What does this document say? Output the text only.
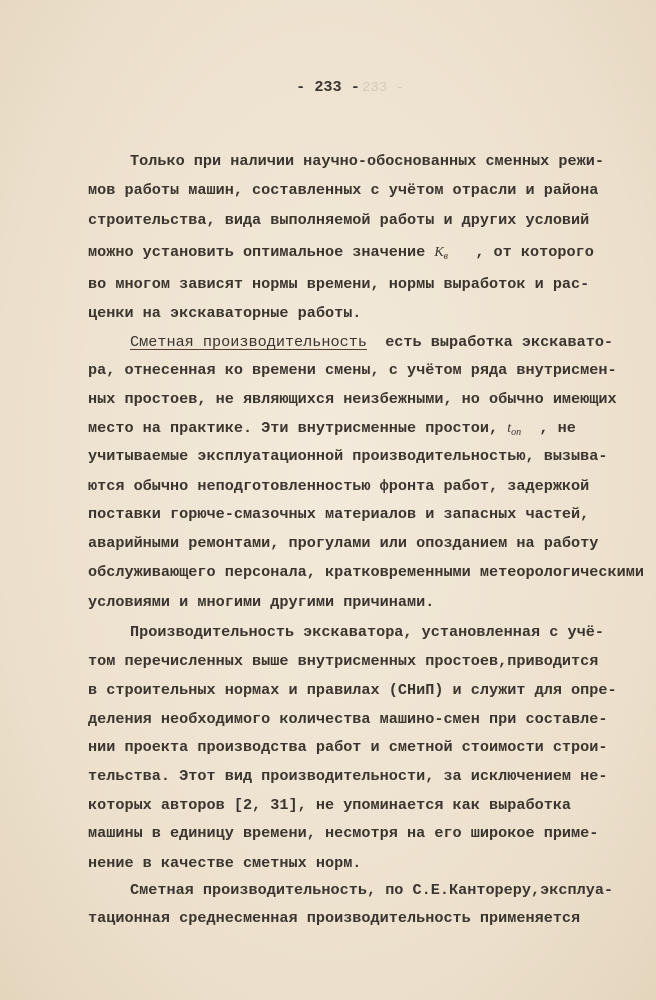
233 -
- 233 -
Только при наличии научно-обоснованных сменных режи-
мов работы машин, составленных с учётом отрасли и района
строительства, вида выполняемой работы и других условий
можно установить оптимальное значение Кв   , от которого
во многом зависят нормы времени, нормы выработок и рас-
ценки на экскаваторные работы.
Сметная производительность  есть выработка экскавато-
ра, отнесенная ко времени смены, с учётом ряда внутрисмен-
ных простоев, не являющихся неизбежными, но обычно имеющих
место на практике. Эти внутрисменные простои, tоп  , не
учитываемые эксплуатационной производительностью, вызыва-
ются обычно неподготовленностью фронта работ, задержкой
поставки горюче-смазочных материалов и запасных частей,
аварийными ремонтами, прогулами или опозданием на работу
обслуживающего персонала, кратковременными метеорологическими
условиями и многими другими причинами.
Производительность экскаватора, установленная с учё-
том перечисленных выше внутрисменных простоев,приводится
в строительных нормах и правилах (СНиП) и служит для опре-
деления необходимого количества машино-смен при составле-
нии проекта производства работ и сметной стоимости строи-
тельства. Этот вид производительности, за исключением не-
которых авторов [2, 31], не упоминается как выработка
машины в единицу времени, несмотря на его широкое приме-
нение в качестве сметных норм.
Сметная производительность, по С.Е.Кантореру,эксплуа-
тационная среднесменная производительность применяется
